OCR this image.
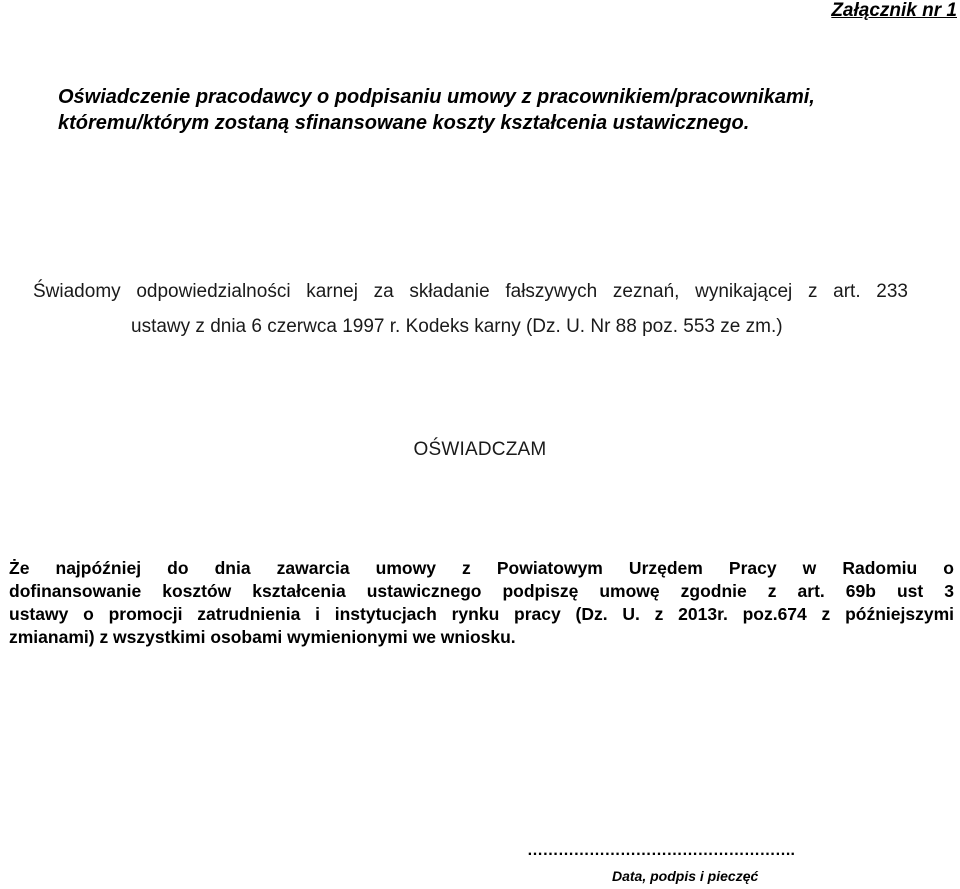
Załącznik nr 1
Oświadczenie pracodawcy o podpisaniu umowy z pracownikiem/pracownikami,
któremu/którym zostaną sfinansowane koszty kształcenia ustawicznego.
Świadomy odpowiedzialności karnej za składanie fałszywych zeznań, wynikającej z art. 233
ustawy z dnia 6 czerwca 1997 r. Kodeks karny (Dz. U. Nr 88 poz. 553 ze zm.)
OŚWIADCZAM
Że najpóźniej do dnia zawarcia umowy z Powiatowym Urzędem Pracy w Radomiu o
dofinansowanie kosztów kształcenia ustawicznego podpiszę umowę zgodnie z art. 69b ust 3
ustawy o promocji zatrudnienia i instytucjach rynku pracy (Dz. U. z 2013r. poz.674 z późniejszymi
zmianami) z wszystkimi osobami wymienionymi we wniosku.
…………………………………………….
Data, podpis i pieczęć
